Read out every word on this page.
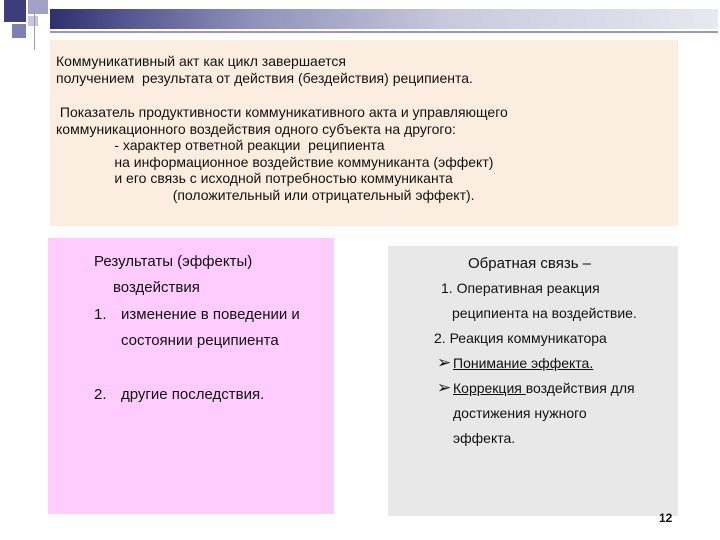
Коммуникативный акт как цикл завершается

получением  результата от действия (бездействия) реципиента.

Показатель продуктивности коммуникативного акта и управляющего

коммуникационного воздействия одного субъекта на другого:

- характер ответной реакции  реципиента

на информационное воздействие коммуниканта (эффект)

и его связь с исходной потребностью коммуниканта

(положительный или отрицательный эффект).

Результаты (эффекты)
воздействия
1. изменение в поведении и
состоянии реципиента
2. другие последствия.
Обратная связь –
1. Оперативная реакция
реципиента на воздействие.
2. Реакция коммуникатора
➢ Понимание эффекта.
➢ Коррекция воздействия для
достижения нужного
эффекта.
12
